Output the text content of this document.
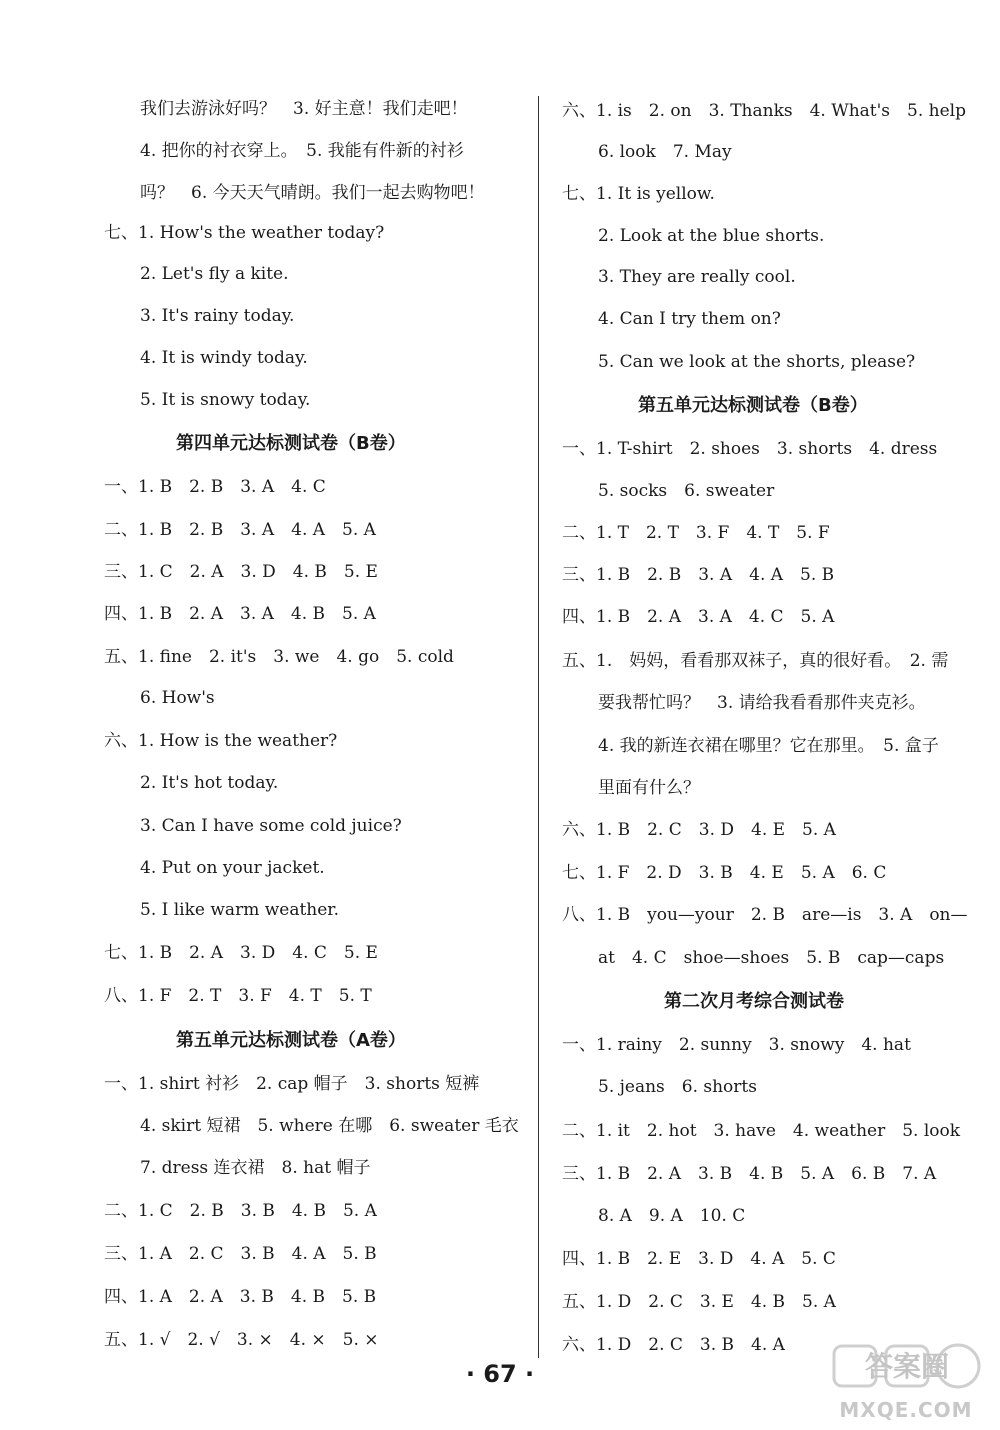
我们去游泳好吗？　3. 好主意！我们走吧！
4. 把你的衬衣穿上。　5. 我能有件新的衬衫
吗？　6. 今天天气晴朗。我们一起去购物吧！
七、1. How's the weather today?
2. Let's fly a kite.
3. It's rainy today.
4. It is windy today.
5. It is snowy today.
第四单元达标测试卷（B卷）
一、1. B　2. B　3. A　4. C
二、1. B　2. B　3. A　4. A　5. A
三、1. C　2. A　3. D　4. B　5. E
四、1. B　2. A　3. A　4. B　5. A
五、1. fine　2. it's　3. we　4. go　5. cold
6. How's
六、1. How is the weather?
2. It's hot today.
3. Can I have some cold juice?
4. Put on your jacket.
5. I like warm weather.
七、1. B　2. A　3. D　4. C　5. E
八、1. F　2. T　3. F　4. T　5. T
第五单元达标测试卷（A卷）
一、1. shirt 衬衫　2. cap 帽子　3. shorts 短裤
4. skirt 短裙　5. where 在哪　6. sweater 毛衣
7. dress 连衣裙　8. hat 帽子
二、1. C　2. B　3. B　4. B　5. A
三、1. A　2. C　3. B　4. A　5. B
四、1. A　2. A　3. B　4. B　5. B
五、1. √　2. √　3. ×　4. ×　5. ×
六、1. is　2. on　3. Thanks　4. What's　5. help
6. look　7. May
七、1. It is yellow.
2. Look at the blue shorts.
3. They are really cool.
4. Can I try them on?
5. Can we look at the shorts, please?
第五单元达标测试卷（B卷）
一、1. T-shirt　2. shoes　3. shorts　4. dress
5. socks　6. sweater
二、1. T　2. T　3. F　4. T　5. F
三、1. B　2. B　3. A　4. A　5. B
四、1. B　2. A　3. A　4. C　5. A
五、1.　妈妈，看看那双袜子，真的很好看。　2. 需
要我帮忙吗？　3. 请给我看看那件夹克衫。
4. 我的新连衣裙在哪里？它在那里。　5. 盒子
里面有什么？
六、1. B　2. C　3. D　4. E　5. A
七、1. F　2. D　3. B　4. E　5. A　6. C
八、1. B　you—your　2. B　are—is　3. A　on—
at　4. C　shoe—shoes　5. B　cap—caps
第二次月考综合测试卷
一、1. rainy　2. sunny　3. snowy　4. hat
5. jeans　6. shorts
二、1. it　2. hot　3. have　4. weather　5. look
三、1. B　2. A　3. B　4. B　5. A　6. B　7. A
8. A　9. A　10. C
四、1. B　2. E　3. D　4. A　5. C
五、1. D　2. C　3. E　4. B　5. A
六、1. D　2. C　3. B　4. A
· 67 ·	答案圈
MXQE.COM
